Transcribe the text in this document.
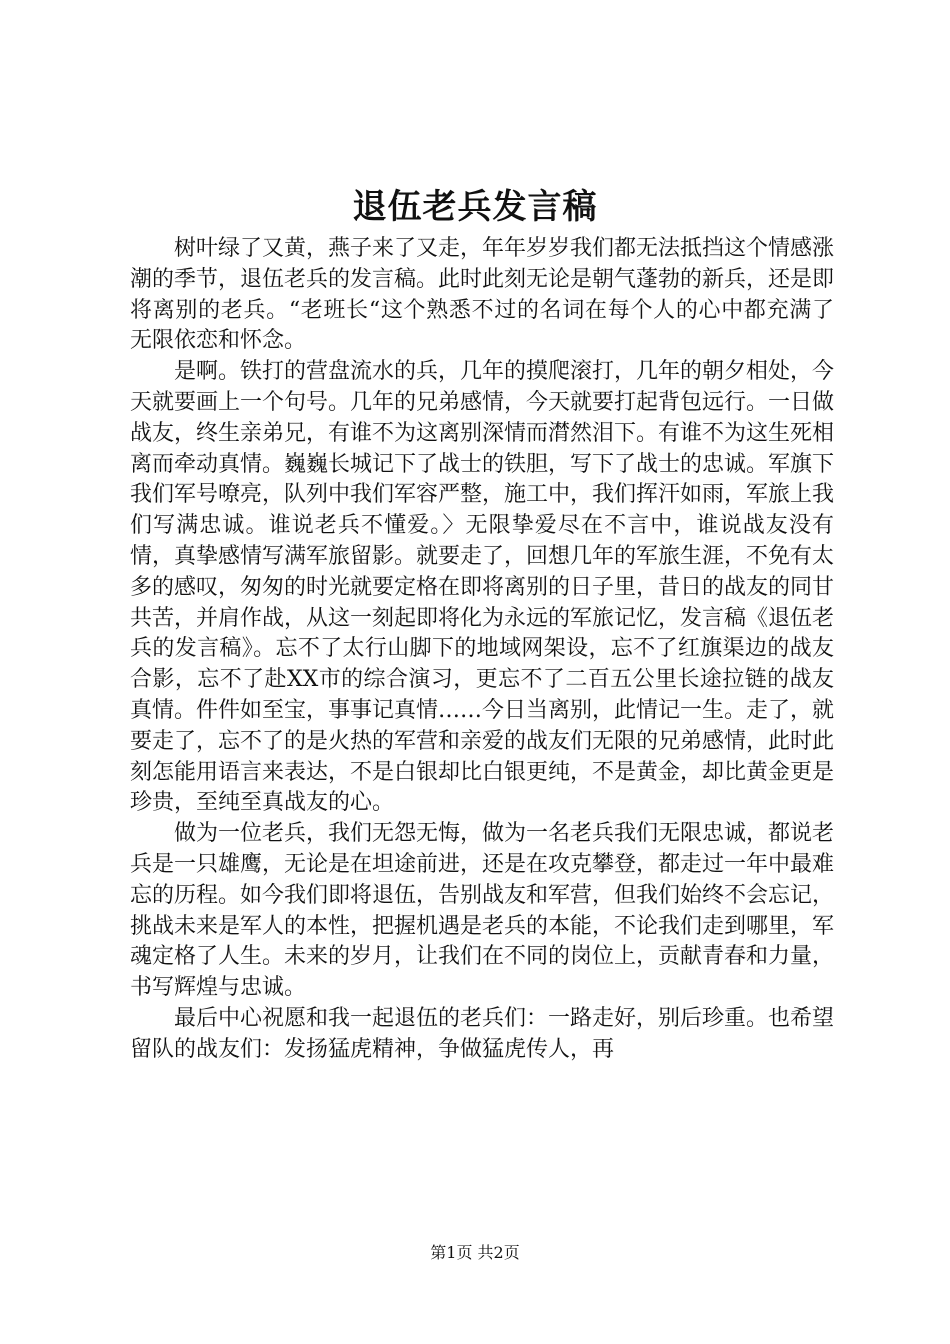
退伍老兵发言稿

树叶绿了又黄，燕子来了又走，年年岁岁我们都无法抵挡这个情感涨潮的季节，退伍老兵的发言稿。此时此刻无论是朝气蓬勃的新兵，还是即将离别的老兵。“老班长“这个熟悉不过的名词在每个人的心中都充满了无限依恋和怀念。

是啊。铁打的营盘流水的兵，几年的摸爬滚打，几年的朝夕相处，今天就要画上一个句号。几年的兄弟感情，今天就要打起背包远行。一日做战友，终生亲弟兄，有谁不为这离别深情而潸然泪下。有谁不为这生死相离而牵动真情。巍巍长城记下了战士的铁胆，写下了战士的忠诚。军旗下我们军号嘹亮，队列中我们军容严整，施工中，我们挥汗如雨，军旅上我们写满忠诚。谁说老兵不懂爱。〉无限挚爱尽在不言中，谁说战友没有情，真挚感情写满军旅留影。就要走了，回想几年的军旅生涯，不免有太多的感叹，匆匆的时光就要定格在即将离别的日子里，昔日的战友的同甘共苦，并肩作战，从这一刻起即将化为永远的军旅记忆，发言稿《退伍老兵的发言稿》。忘不了太行山脚下的地域网架设，忘不了红旗渠边的战友合影，忘不了赴XX市的综合演习，更忘不了二百五公里长途拉链的战友真情。件件如至宝，事事记真情……今日当离别，此情记一生。走了，就要走了，忘不了的是火热的军营和亲爱的战友们无限的兄弟感情，此时此刻怎能用语言来表达，不是白银却比白银更纯，不是黄金，却比黄金更是珍贵，至纯至真战友的心。

做为一位老兵，我们无怨无悔，做为一名老兵我们无限忠诚，都说老兵是一只雄鹰，无论是在坦途前进，还是在攻克攀登，都走过一年中最难忘的历程。如今我们即将退伍，告别战友和军营，但我们始终不会忘记，挑战未来是军人的本性，把握机遇是老兵的本能，不论我们走到哪里，军魂定格了人生。未来的岁月，让我们在不同的岗位上，贡献青春和力量，书写辉煌与忠诚。

最后中心祝愿和我一起退伍的老兵们：一路走好，别后珍重。也希望留队的战友们：发扬猛虎精神，争做猛虎传人，再

第1页 共2页
